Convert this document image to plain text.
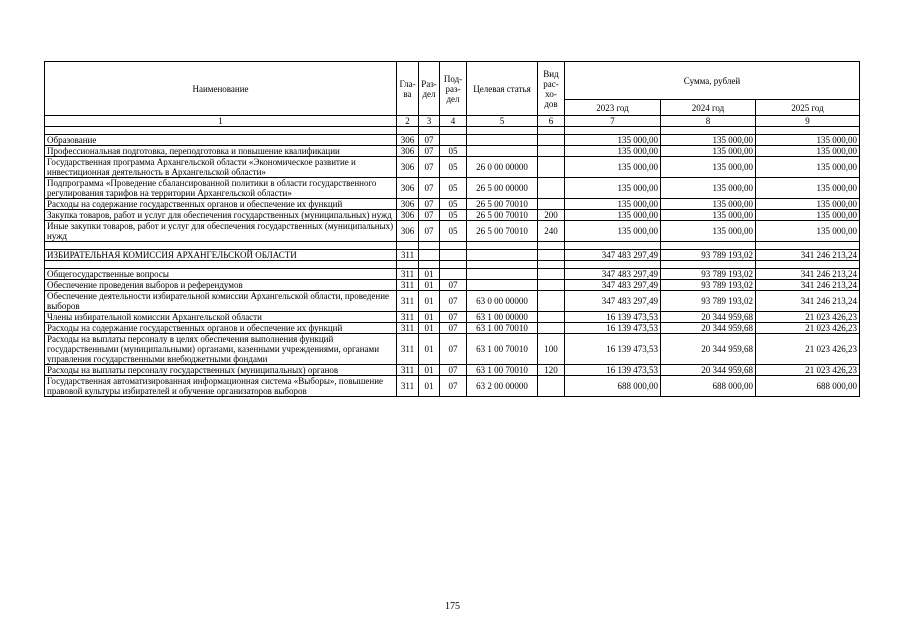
Наименование	Гла-ва	Раз-дел	Под-раз-дел	Целевая статья	Вид рас-хо-дов	Сумма, рублей		
						2023 год	2024 год	2025 год
1	2	3	4	5	6	7	8	9

Образование	306	07				135 000,00	135 000,00	135 000,00
Профессиональная подготовка, переподготовка и повышение квалификации	306	07	05			135 000,00	135 000,00	135 000,00
Государственная программа Архангельской области «Экономическое развитие и инвестиционная деятельность в Архангельской области»	306	07	05	26 0 00 00000		135 000,00	135 000,00	135 000,00
Подпрограмма «Проведение сбалансированной политики в области государственного регулирования тарифов на территории Архангельской области»	306	07	05	26 5 00 00000		135 000,00	135 000,00	135 000,00
Расходы на содержание государственных органов и обеспечение их функций	306	07	05	26 5 00 70010		135 000,00	135 000,00	135 000,00
Закупка товаров, работ и услуг для обеспечения государственных (муниципальных) нужд	306	07	05	26 5 00 70010	200	135 000,00	135 000,00	135 000,00
Иные закупки товаров, работ и услуг для обеспечения государственных (муниципальных) нужд	306	07	05	26 5 00 70010	240	135 000,00	135 000,00	135 000,00

ИЗБИРАТЕЛЬНАЯ КОМИССИЯ АРХАНГЕЛЬСКОЙ ОБЛАСТИ	311					347 483 297,49	93 789 193,02	341 246 213,24

Общегосударственные вопросы	311	01				347 483 297,49	93 789 193,02	341 246 213,24
Обеспечение проведения выборов и референдумов	311	01	07			347 483 297,49	93 789 193,02	341 246 213,24
Обеспечение деятельности избирательной комиссии Архангельской области, проведение выборов	311	01	07	63 0 00 00000		347 483 297,49	93 789 193,02	341 246 213,24
Члены избирательной комиссии Архангельской области	311	01	07	63 1 00 00000		16 139 473,53	20 344 959,68	21 023 426,23
Расходы на содержание государственных органов и обеспечение их функций	311	01	07	63 1 00 70010		16 139 473,53	20 344 959,68	21 023 426,23
Расходы на выплаты персоналу в целях обеспечения выполнения функций государственными (муниципальными) органами, казенными учреждениями, органами управления государственными внебюджетными фондами	311	01	07	63 1 00 70010	100	16 139 473,53	20 344 959,68	21 023 426,23
Расходы на выплаты персоналу государственных (муниципальных) органов	311	01	07	63 1 00 70010	120	16 139 473,53	20 344 959,68	21 023 426,23
Государственная автоматизированная информационная система «Выборы», повышение правовой культуры избирателей и обучение организаторов выборов	311	01	07	63 2 00 00000		688 000,00	688 000,00	688 000,00
175
